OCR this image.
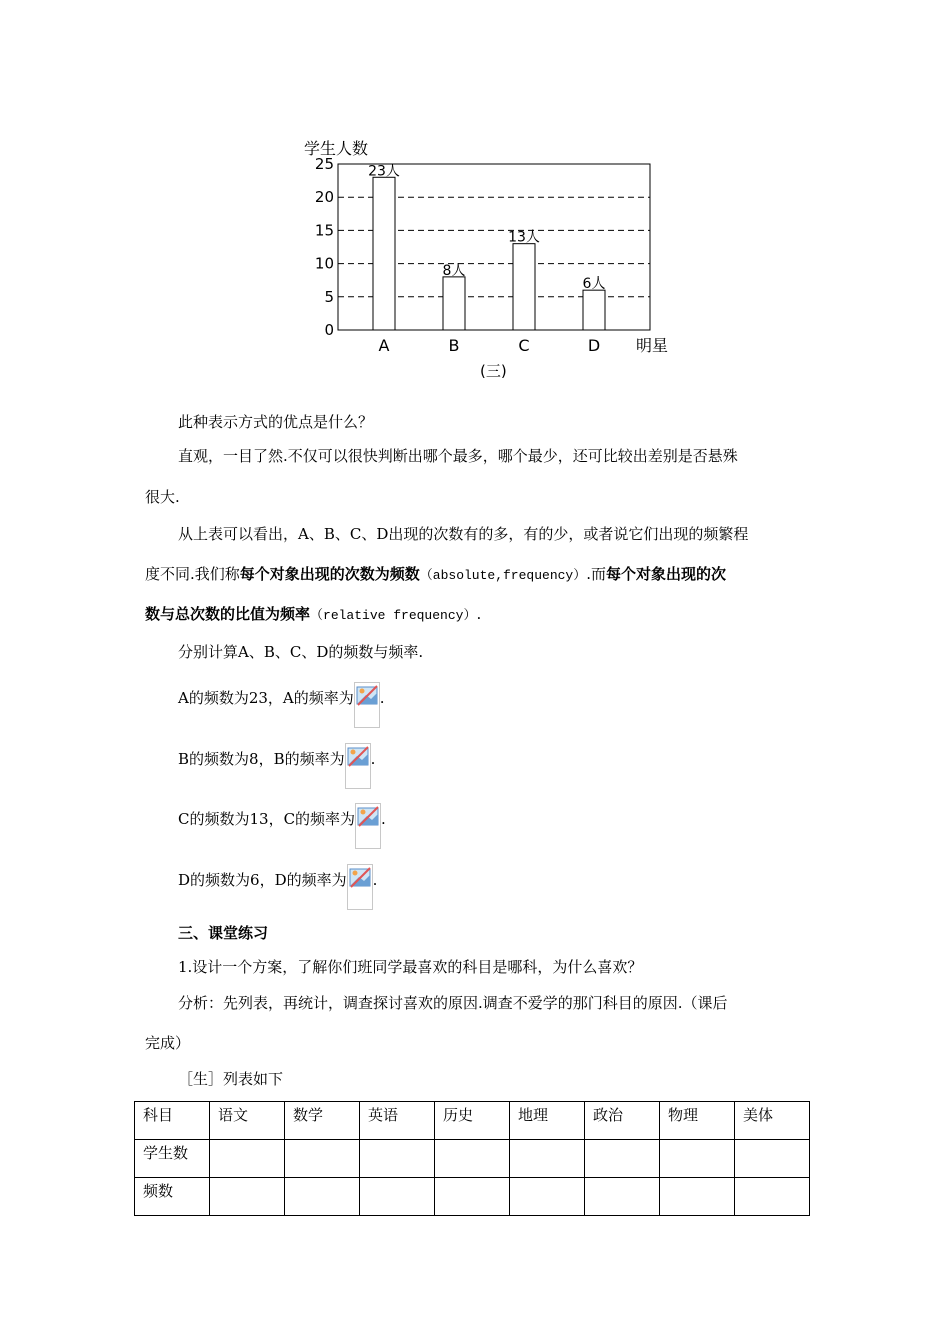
学生人数
0
5
10
15
20
25
A	B	C	D
23人
8人
13人
6人
明星
(三)
此种表示方式的优点是什么？
直观，一目了然.不仅可以很快判断出哪个最多，哪个最少，还可比较出差别是否悬殊
很大.
从上表可以看出，A、B、C、D出现的次数有的多，有的少，或者说它们出现的频繁程
度不同.我们称每个对象出现的次数为频数（absolute,frequency）.而每个对象出现的次
数与总次数的比值为频率（relative frequency）.
分别计算A、B、C、D的频数与频率.
A的频数为23，A的频率为 .
B的频数为8，B的频率为 .
C的频数为13，C的频率为 .
D的频数为6，D的频率为 .
三、课堂练习
1.设计一个方案，了解你们班同学最喜欢的科目是哪科，为什么喜欢？
分析：先列表，再统计，调查探讨喜欢的原因.调查不爱学的那门科目的原因.（课后
完成）
［生］列表如下
科目	语文	数学	英语	历史	地理	政治	物理	美体
学生数								
频数								
